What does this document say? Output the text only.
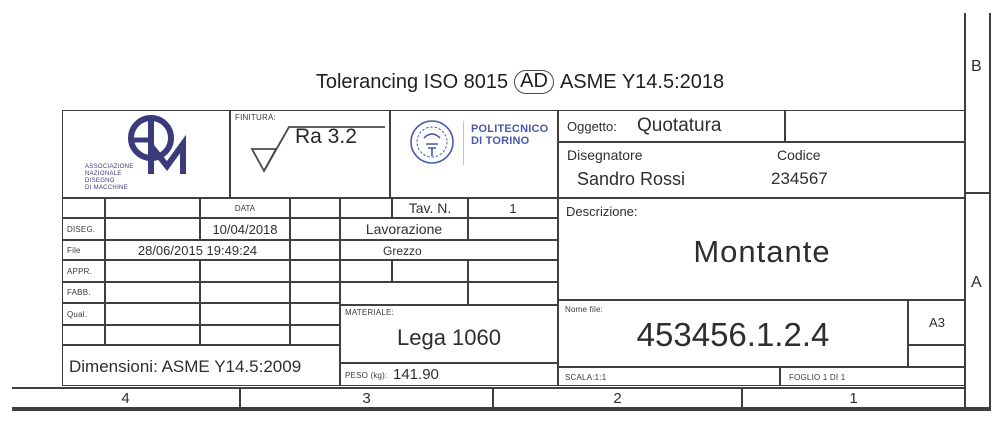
Tolerancing ISO 8015 AD ASME Y14.5:2018
ASSOCIAZIONE
NAZIONALE
DISEGNO
DI MACCHINE
FINITURA:
Ra 3.2	POLITECNICO
DI TORINO
Oggetto: Quotatura
Disegnatore
Sandro Rossi
Codice
234567
DATA
DISEG.	10/04/2018
File	28/06/2015 19:49:24
APPR.
FABB.
Qual.
Dimensioni: ASME Y14.5:2009
Tav. N.	1
Lavorazione
Grezzo
MATERIALE:
Lega 1060
PESO (kg): 141.90
Descrizione:
Montante
Nome file:
453456.1.2.4	A3
SCALA:1:1	FOGLIO 1 DI 1
B
A
4	3	2	1
